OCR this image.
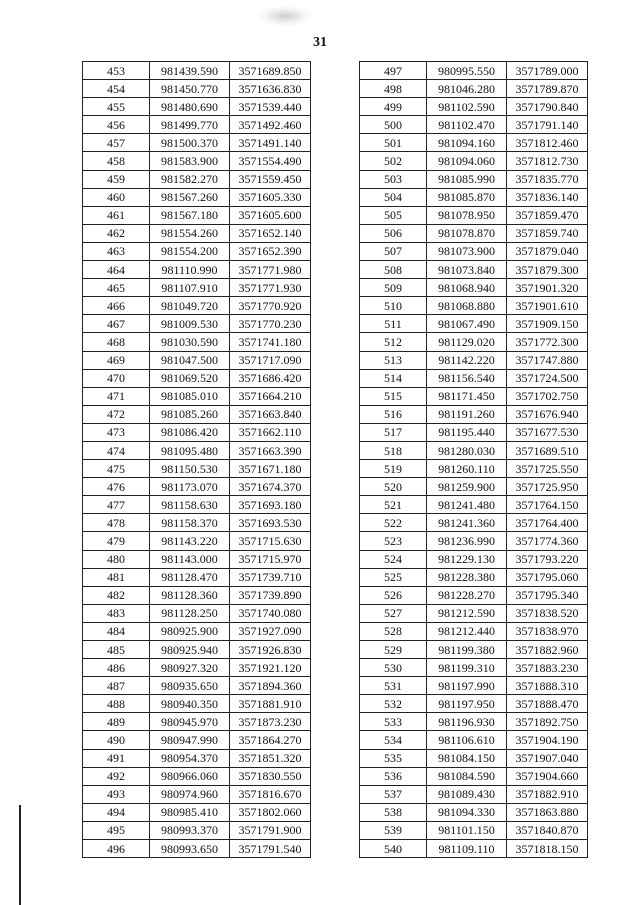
31
453	981439.590	3571689.850
454	981450.770	3571636.830
455	981480.690	3571539.440
456	981499.770	3571492.460
457	981500.370	3571491.140
458	981583.900	3571554.490
459	981582.270	3571559.450
460	981567.260	3571605.330
461	981567.180	3571605.600
462	981554.260	3571652.140
463	981554.200	3571652.390
464	981110.990	3571771.980
465	981107.910	3571771.930
466	981049.720	3571770.920
467	981009.530	3571770.230
468	981030.590	3571741.180
469	981047.500	3571717.090
470	981069.520	3571686.420
471	981085.010	3571664.210
472	981085.260	3571663.840
473	981086.420	3571662.110
474	981095.480	3571663.390
475	981150.530	3571671.180
476	981173.070	3571674.370
477	981158.630	3571693.180
478	981158.370	3571693.530
479	981143.220	3571715.630
480	981143.000	3571715.970
481	981128.470	3571739.710
482	981128.360	3571739.890
483	981128.250	3571740.080
484	980925.900	3571927.090
485	980925.940	3571926.830
486	980927.320	3571921.120
487	980935.650	3571894.360
488	980940.350	3571881.910
489	980945.970	3571873.230
490	980947.990	3571864.270
491	980954.370	3571851.320
492	980966.060	3571830.550
493	980974.960	3571816.670
494	980985.410	3571802.060
495	980993.370	3571791.900
496	980993.650	3571791.540
497	980995.550	3571789.000
498	981046.280	3571789.870
499	981102.590	3571790.840
500	981102.470	3571791.140
501	981094.160	3571812.460
502	981094.060	3571812.730
503	981085.990	3571835.770
504	981085.870	3571836.140
505	981078.950	3571859.470
506	981078.870	3571859.740
507	981073.900	3571879.040
508	981073.840	3571879.300
509	981068.940	3571901.320
510	981068.880	3571901.610
511	981067.490	3571909.150
512	981129.020	3571772.300
513	981142.220	3571747.880
514	981156.540	3571724.500
515	981171.450	3571702.750
516	981191.260	3571676.940
517	981195.440	3571677.530
518	981280.030	3571689.510
519	981260.110	3571725.550
520	981259.900	3571725.950
521	981241.480	3571764.150
522	981241.360	3571764.400
523	981236.990	3571774.360
524	981229.130	3571793.220
525	981228.380	3571795.060
526	981228.270	3571795.340
527	981212.590	3571838.520
528	981212.440	3571838.970
529	981199.380	3571882.960
530	981199.310	3571883.230
531	981197.990	3571888.310
532	981197.950	3571888.470
533	981196.930	3571892.750
534	981106.610	3571904.190
535	981084.150	3571907.040
536	981084.590	3571904.660
537	981089.430	3571882.910
538	981094.330	3571863.880
539	981101.150	3571840.870
540	981109.110	3571818.150
